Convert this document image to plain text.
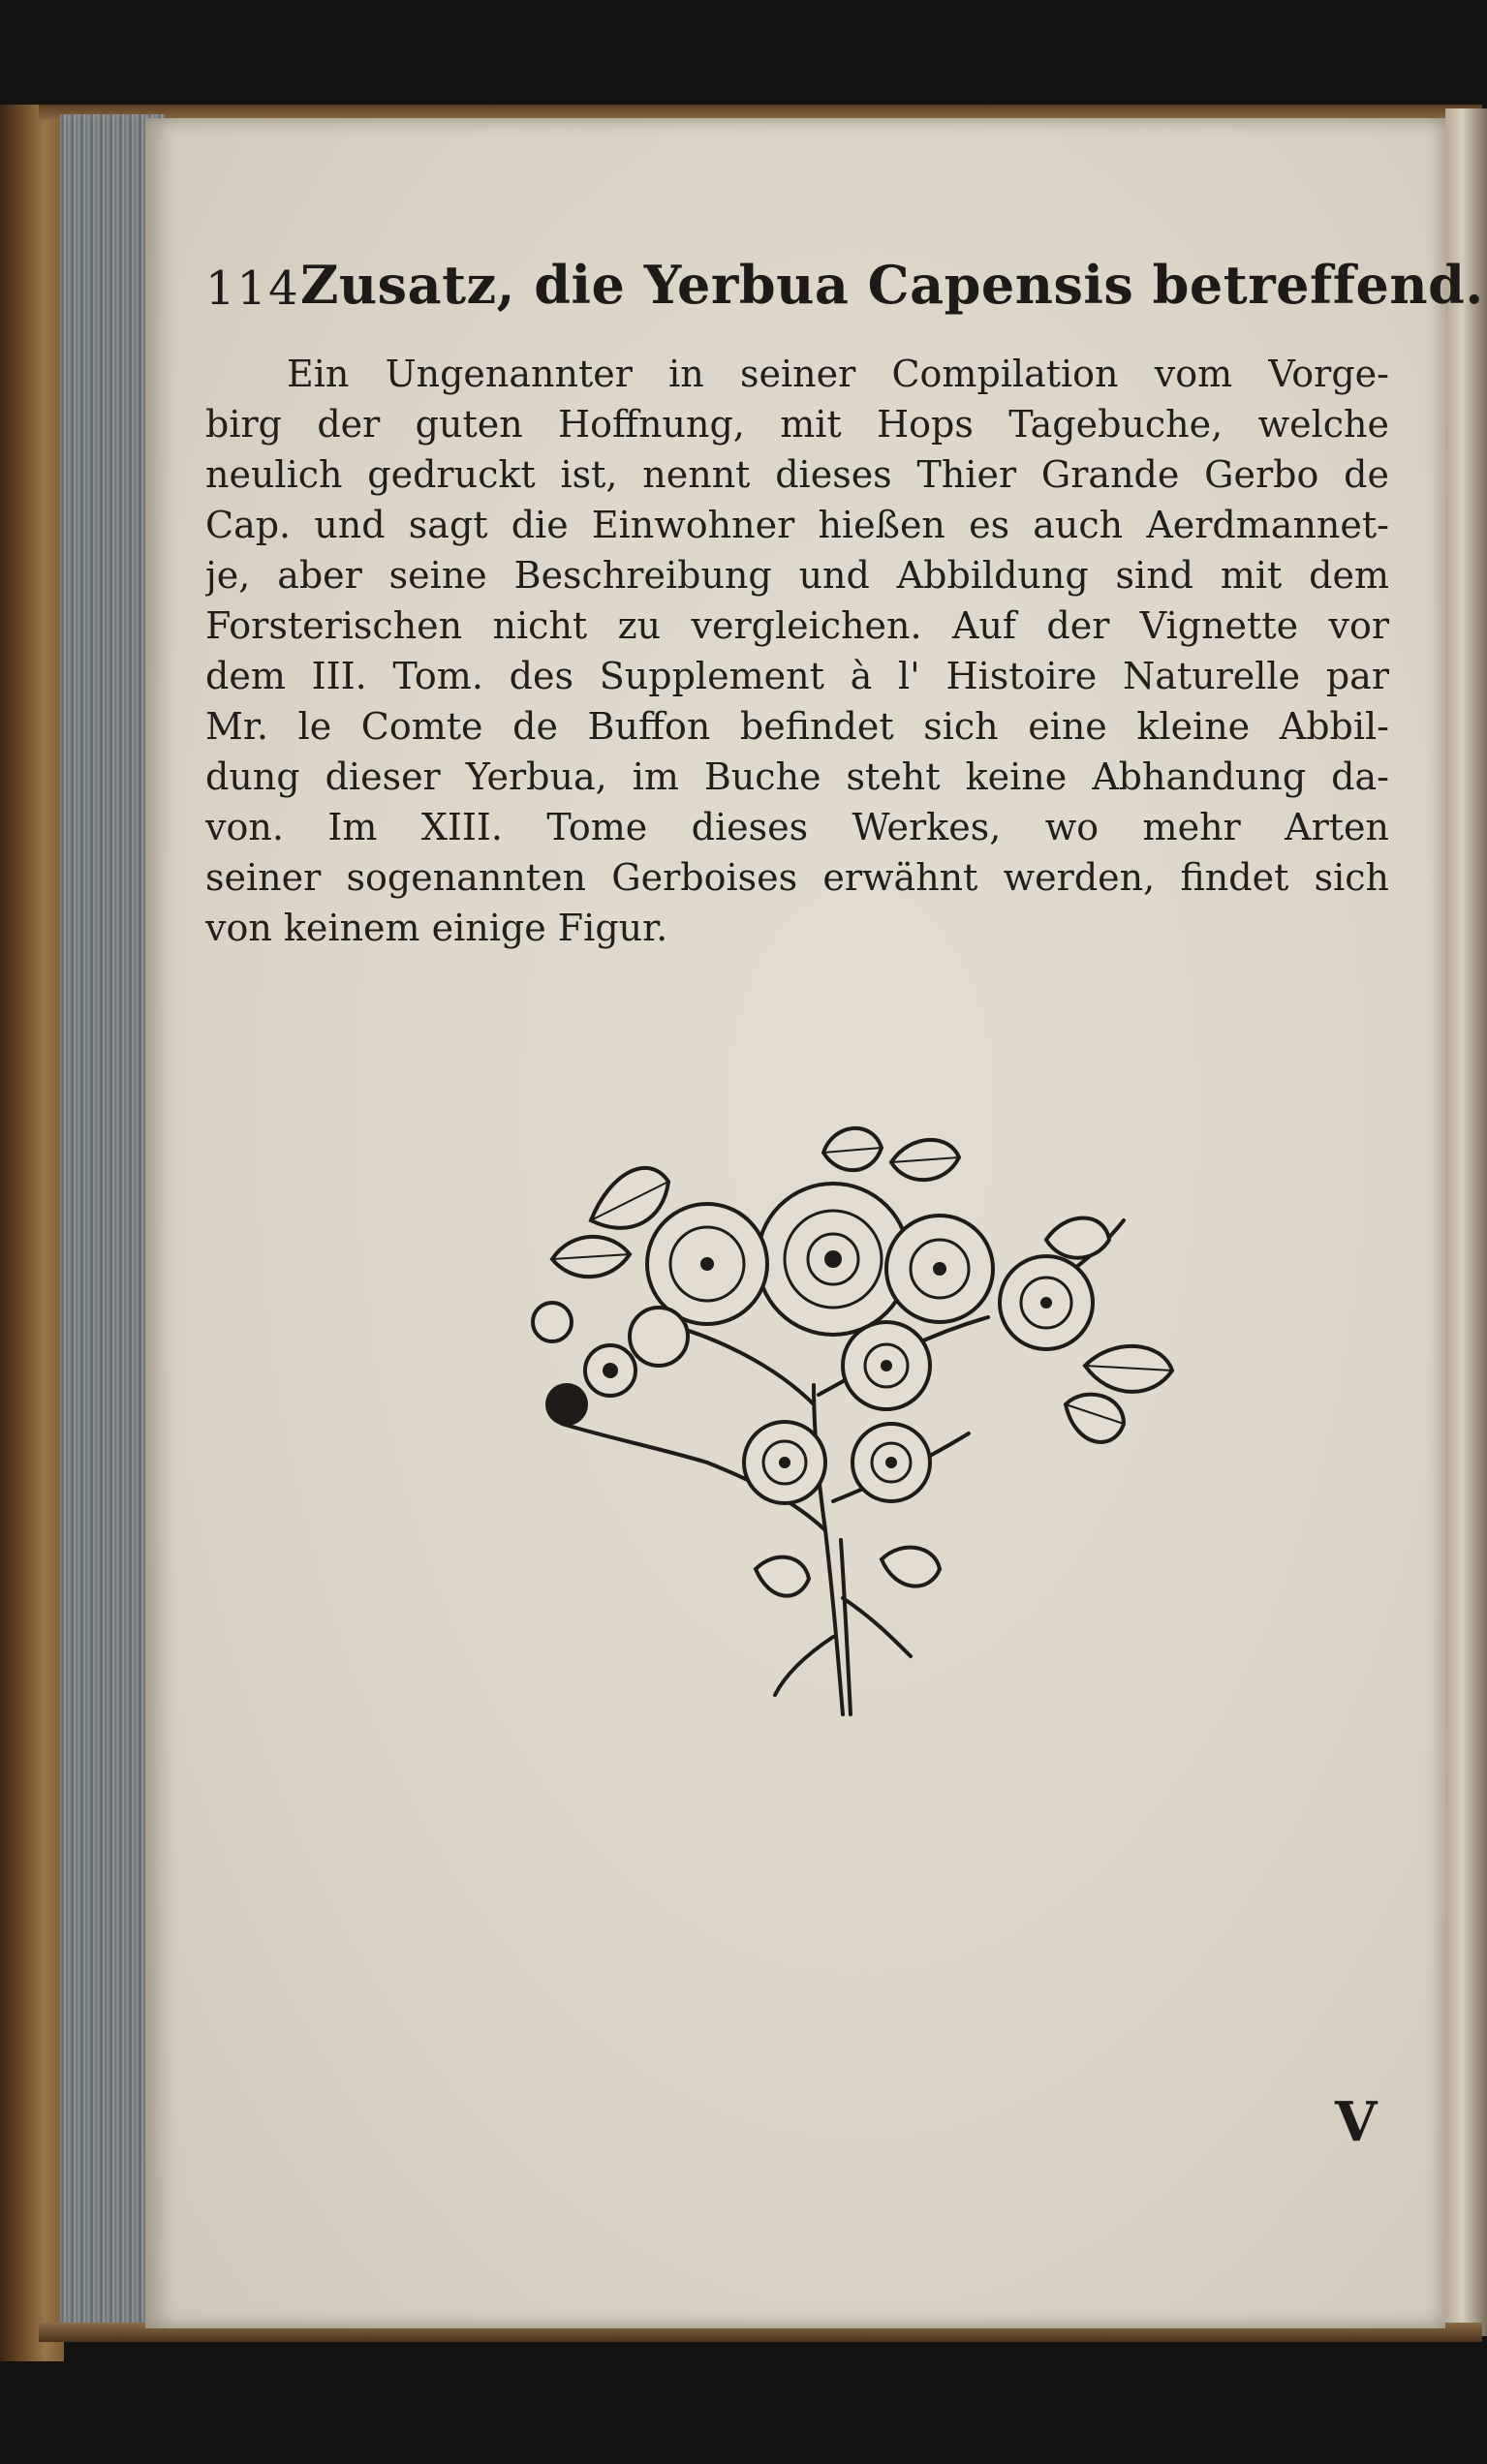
114 Zusatz, die Yerbua Capensis betreffend.
Ein Ungenannter in seiner Compilation vom Vorge-
birg der guten Hoffnung, mit Hops Tagebuche, welche
neulich gedruckt ist, nennt dieses Thier Grande Gerbo de
Cap. und sagt die Einwohner hießen es auch Aerdmannet-
je, aber seine Beschreibung und Abbildung sind mit dem
Forsterischen nicht zu vergleichen. Auf der Vignette vor
dem III. Tom. des Supplement à l' Histoire Naturelle par
Mr. le Comte de Buffon befindet sich eine kleine Abbil-
dung dieser Yerbua, im Buche steht keine Abhandung da-
von. Im XIII. Tome dieses Werkes, wo mehr Arten
seiner sogenannten Gerboises erwähnt werden, findet sich
von keinem einige Figur.
V
